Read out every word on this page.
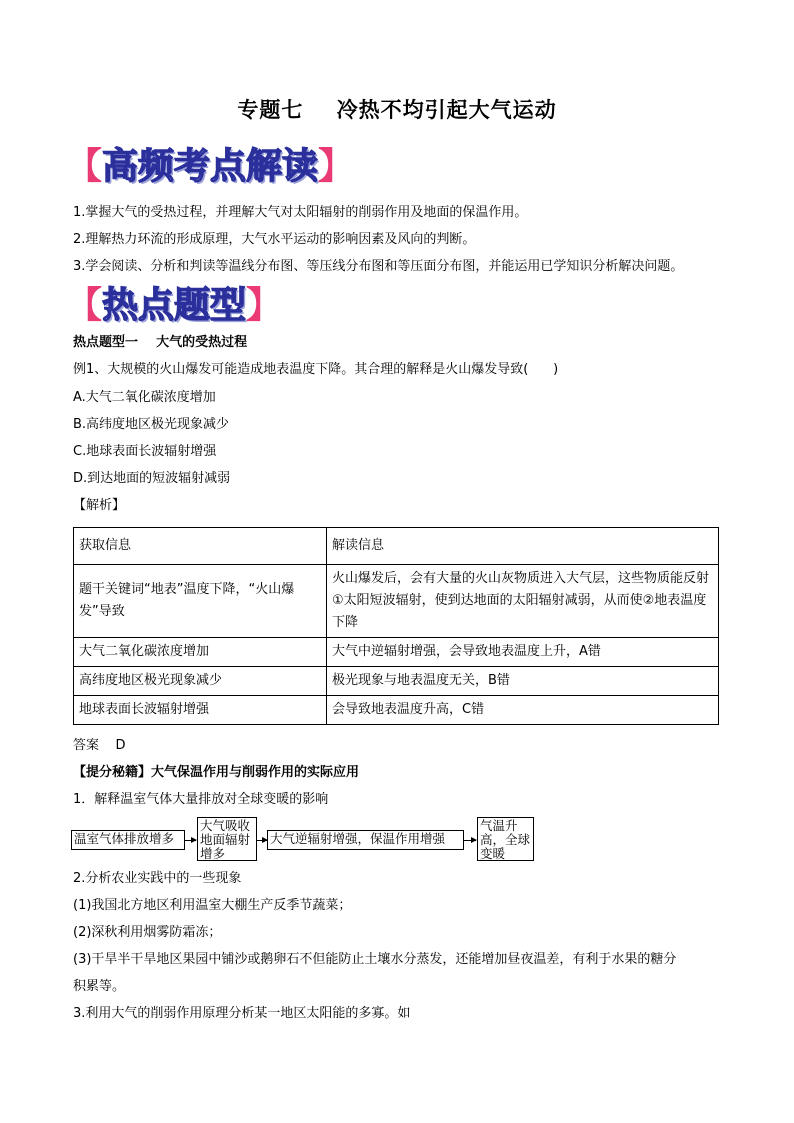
专题七    冷热不均引起大气运动
【高频考点解读】
1.掌握大气的受热过程，并理解大气对太阳辐射的削弱作用及地面的保温作用。
2.理解热力环流的形成原理，大气水平运动的影响因素及风向的判断。
3.学会阅读、分析和判读等温线分布图、等压线分布图和等压面分布图，并能运用已学知识分析解决问题。
【热点题型】
热点题型一    大气的受热过程
例1、大规模的火山爆发可能造成地表温度下降。其合理的解释是火山爆发导致(      )
A.大气二氧化碳浓度增加
B.高纬度地区极光现象减少
C.地球表面长波辐射增强
D.到达地面的短波辐射减弱
【解析】
获取信息	解读信息
题干关键词“地表”温度下降，“火山爆发”导致	火山爆发后，会有大量的火山灰物质进入大气层，这些物质能反射①太阳短波辐射，使到达地面的太阳辐射减弱，从而使②地表温度下降
大气二氧化碳浓度增加	大气中逆辐射增强，会导致地表温度上升，A错
高纬度地区极光现象减少	极光现象与地表温度无关，B错
地球表面长波辐射增强	会导致地表温度升高，C错
答案    D
【提分秘籍】大气保温作用与削弱作用的实际应用
1．解释温室气体大量排放对全球变暖的影响
温室气体排放增多
大气吸收地面辐射增多
大气逆辐射增强，保温作用增强
气温升高，全球变暖
2.分析农业实践中的一些现象
(1)我国北方地区利用温室大棚生产反季节蔬菜；
(2)深秋利用烟雾防霜冻；
(3)干旱半干旱地区果园中铺沙或鹅卵石不但能防止土壤水分蒸发，还能增加昼夜温差，有利于水果的糖分
积累等。
3.利用大气的削弱作用原理分析某一地区太阳能的多寡。如
